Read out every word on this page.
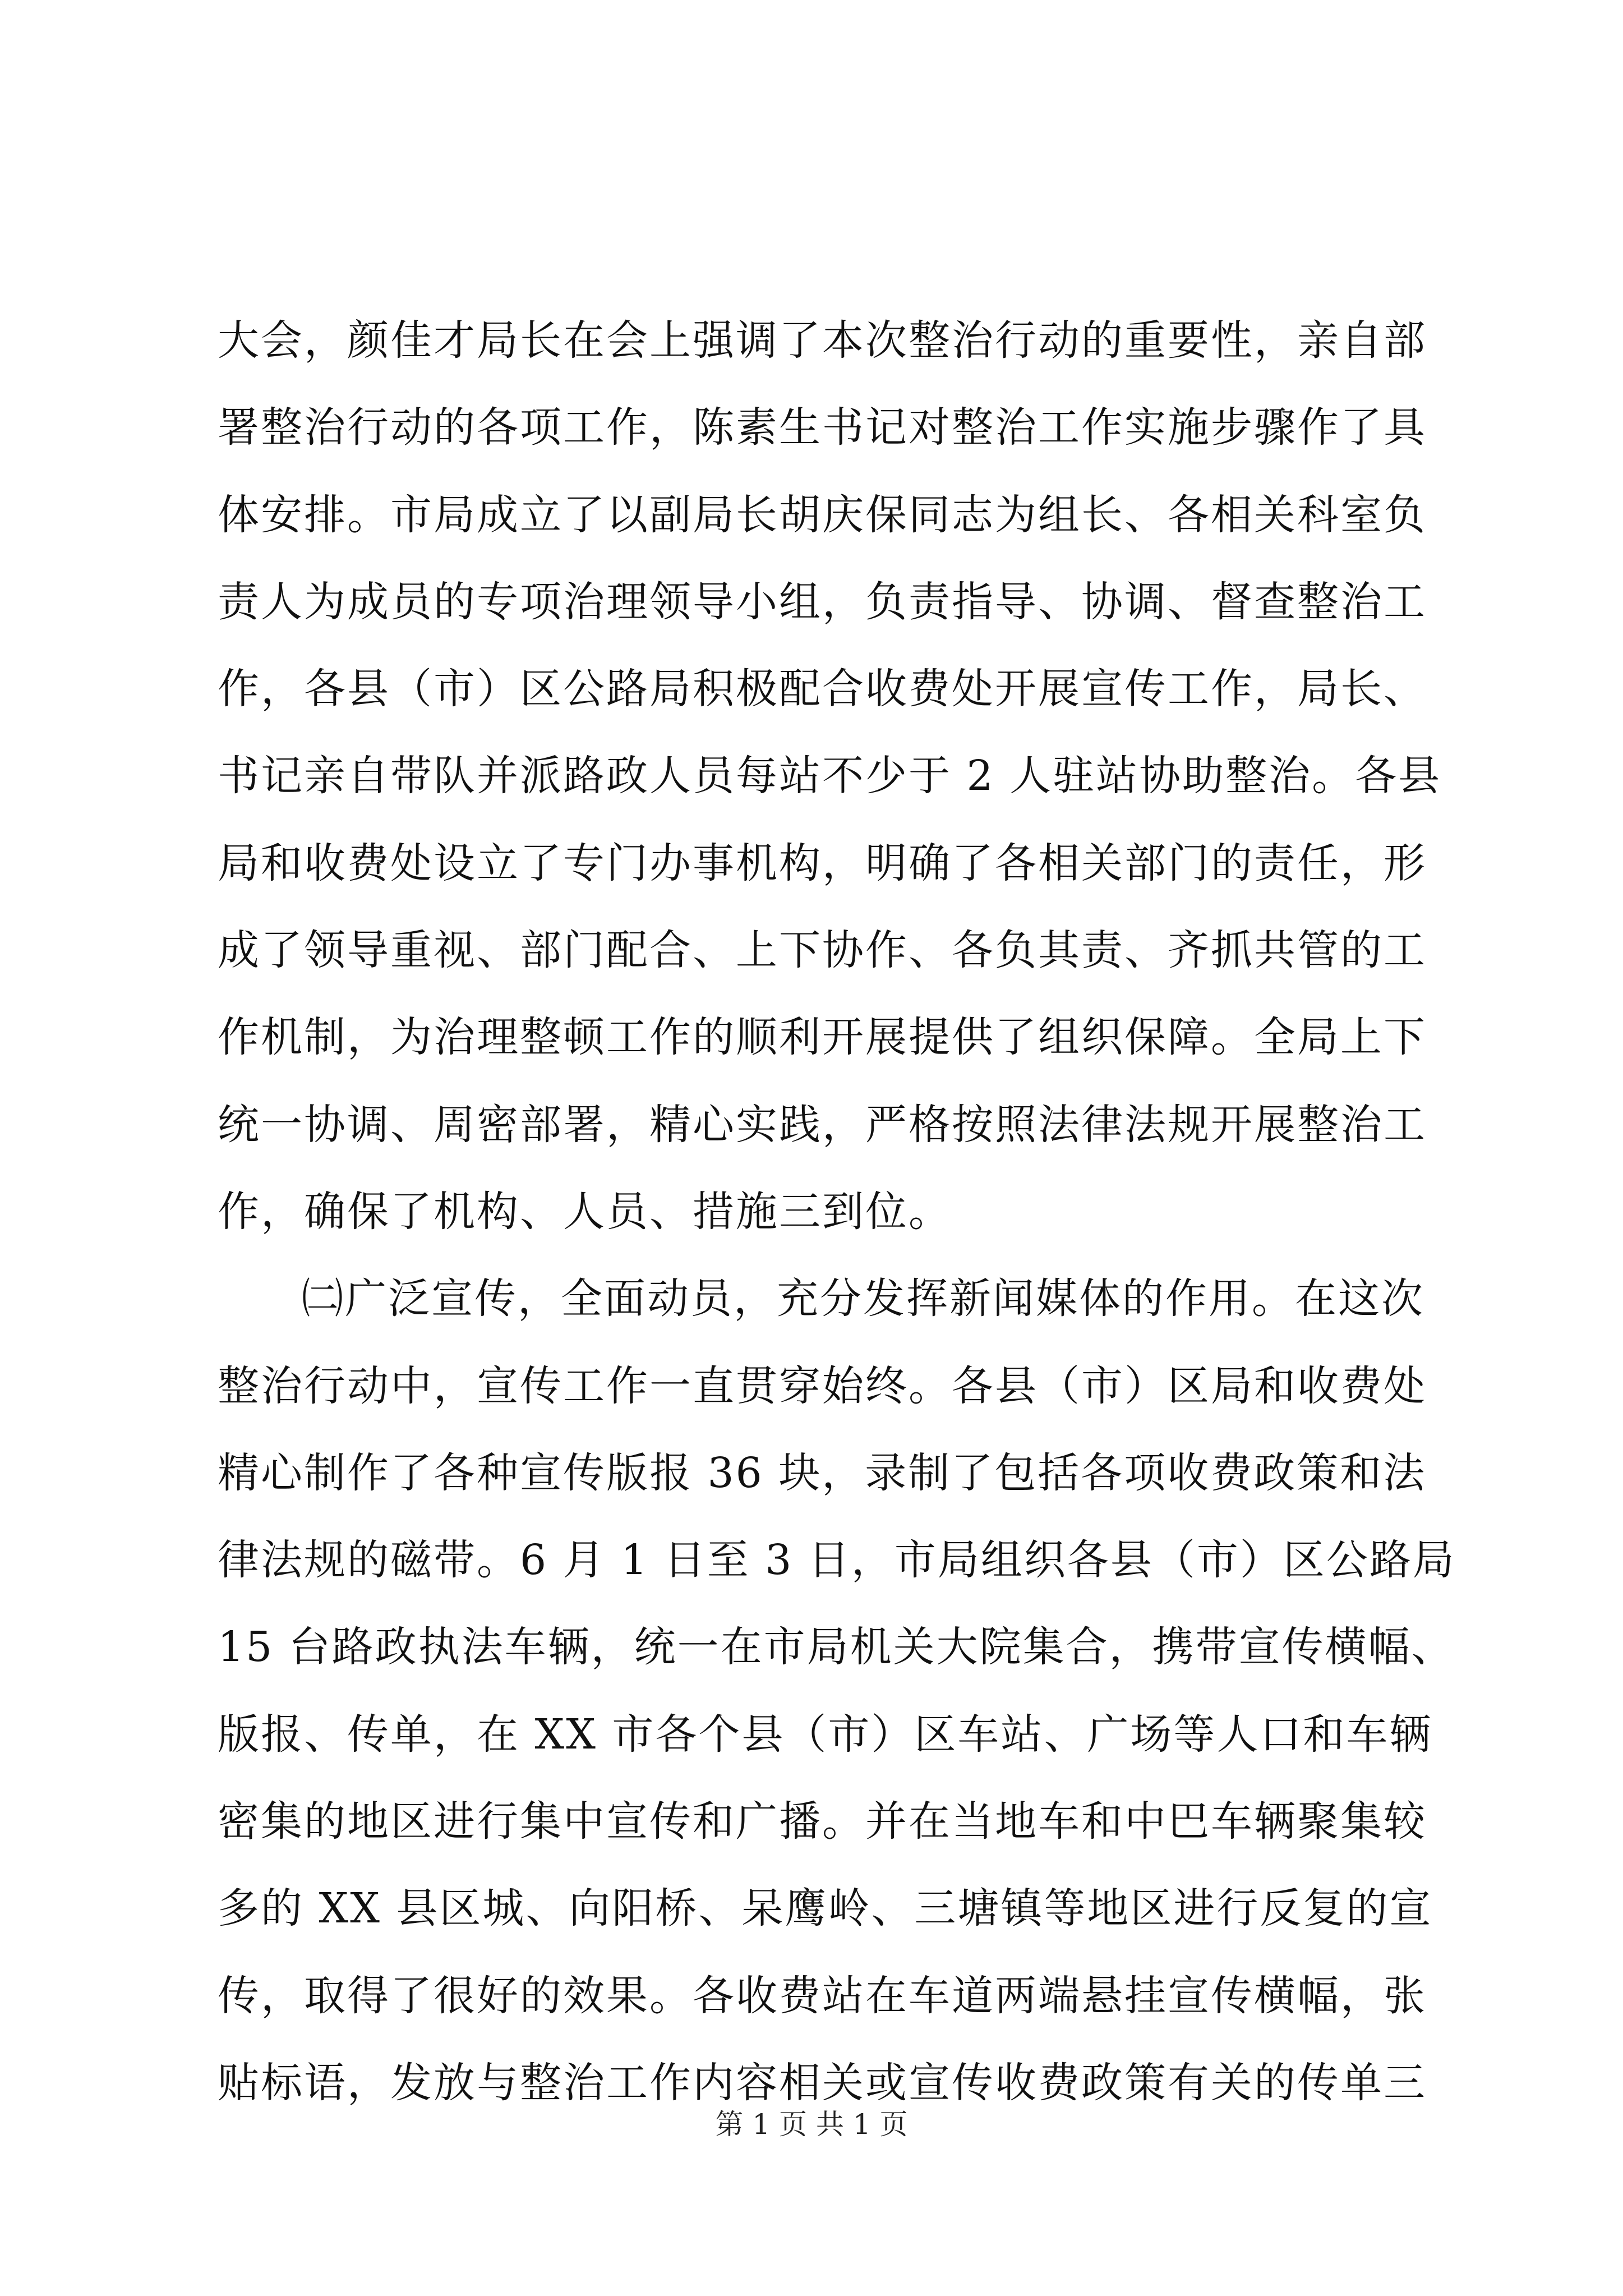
大会，颜佳才局长在会上强调了本次整治行动的重要性，亲自部
署整治行动的各项工作，陈素生书记对整治工作实施步骤作了具
体安排。市局成立了以副局长胡庆保同志为组长、各相关科室负
责人为成员的专项治理领导小组，负责指导、协调、督查整治工
作，各县（市）区公路局积极配合收费处开展宣传工作，局长、
书记亲自带队并派路政人员每站不少于 2 人驻站协助整治。各县
局和收费处设立了专门办事机构，明确了各相关部门的责任，形
成了领导重视、部门配合、上下协作、各负其责、齐抓共管的工
作机制，为治理整顿工作的顺利开展提供了组织保障。全局上下
统一协调、周密部署，精心实践，严格按照法律法规开展整治工
作，确保了机构、人员、措施三到位。
㈡广泛宣传，全面动员，充分发挥新闻媒体的作用。在这次
整治行动中，宣传工作一直贯穿始终。各县（市）区局和收费处
精心制作了各种宣传版报 36 块，录制了包括各项收费政策和法
律法规的磁带。6 月 1 日至 3 日，市局组织各县（市）区公路局
15 台路政执法车辆，统一在市局机关大院集合，携带宣传横幅、
版报、传单，在 XX 市各个县（市）区车站、广场等人口和车辆
密集的地区进行集中宣传和广播。并在当地车和中巴车辆聚集较
多的 XX 县区城、向阳桥、呆鹰岭、三塘镇等地区进行反复的宣
传，取得了很好的效果。各收费站在车道两端悬挂宣传横幅，张
贴标语，发放与整治工作内容相关或宣传收费政策有关的传单三
第 1 页 共 1 页
